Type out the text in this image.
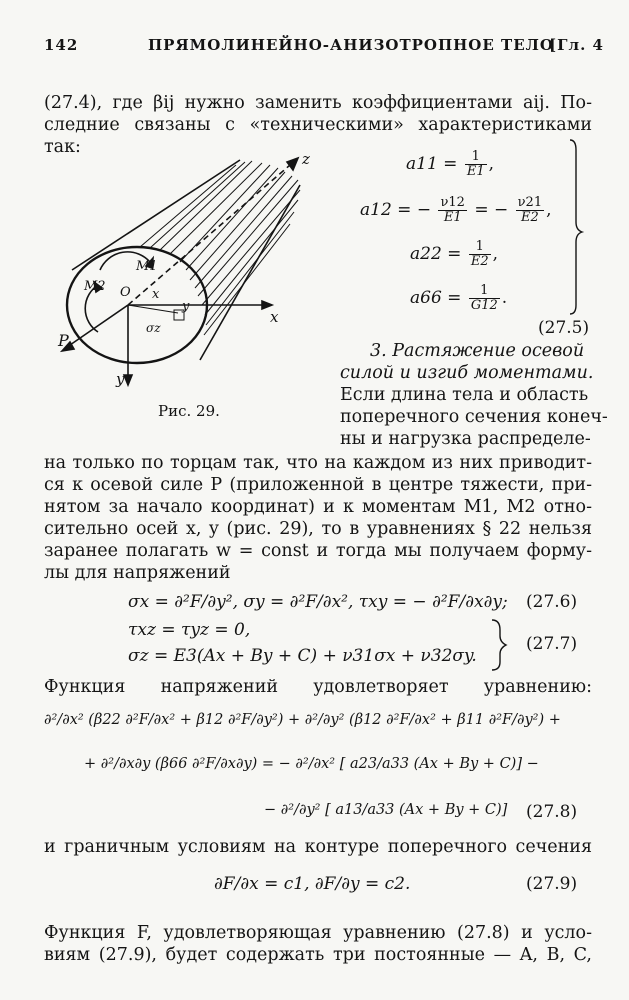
142	ПРЯМОЛИНЕЙНО-АНИЗОТРОПНОЕ ТЕЛО
[Гл. 4
(27.4), где βij нужно заменить коэффициентами aij. По-
следние связаны с «техническими» характеристиками так:
z
x
y
M1
M2 O x
y
σz
P
Рис. 29.
$a11 = \frac{1}{E1}$ ,
a12 = − $\frac{\nu 12}{E1}$ = − $\frac{\nu 21}{E2}$ ,
$a22 = \frac{1}{E2}$ ,
$a66 = \frac{1}{G12}$ .
(27.5)
3. Растяжение осевой
силой и изгиб моментами.
Если длина тела и область
поперечного сечения конеч-
ны и нагрузка распределе-
на только по торцам так, что на каждом из них приводит-
ся к осевой силе P (приложенной в центре тяжести, при-
нятом за начало координат) и к моментам M1, M2 отно-
сительно осей x, y (рис. 29), то в уравнениях § 22 нельзя
заранее полагать w = const и тогда мы получаем форму-
лы для напряжений
σx = ∂²F/∂y², σy = ∂²F/∂x², τxy = − ∂²F/∂x∂y; (27.6)
τxz = τyz = 0,
σz = E3(Ax + By + C) + ν31σx + ν32σy.
(27.7)
Функция напряжений удовлетворяет уравнению:
∂²/∂x² (β22 ∂²F/∂x² + β12 ∂²F/∂y²) + ∂²/∂y² (β12 ∂²F/∂x² + β11 ∂²F/∂y²) +
+ ∂²/∂x∂y (β66 ∂²F/∂x∂y) = − ∂²/∂x² [ a23/a33 (Ax + By + C)] −
− ∂²/∂y² [ a13/a33 (Ax + By + C)] (27.8)
и граничным условиям на контуре поперечного сечения
∂F/∂x = c1, ∂F/∂y = c2.	(27.9)
Функция F, удовлетворяющая уравнению (27.8) и усло-
виям (27.9), будет содержать три постоянные — A, B, C,
